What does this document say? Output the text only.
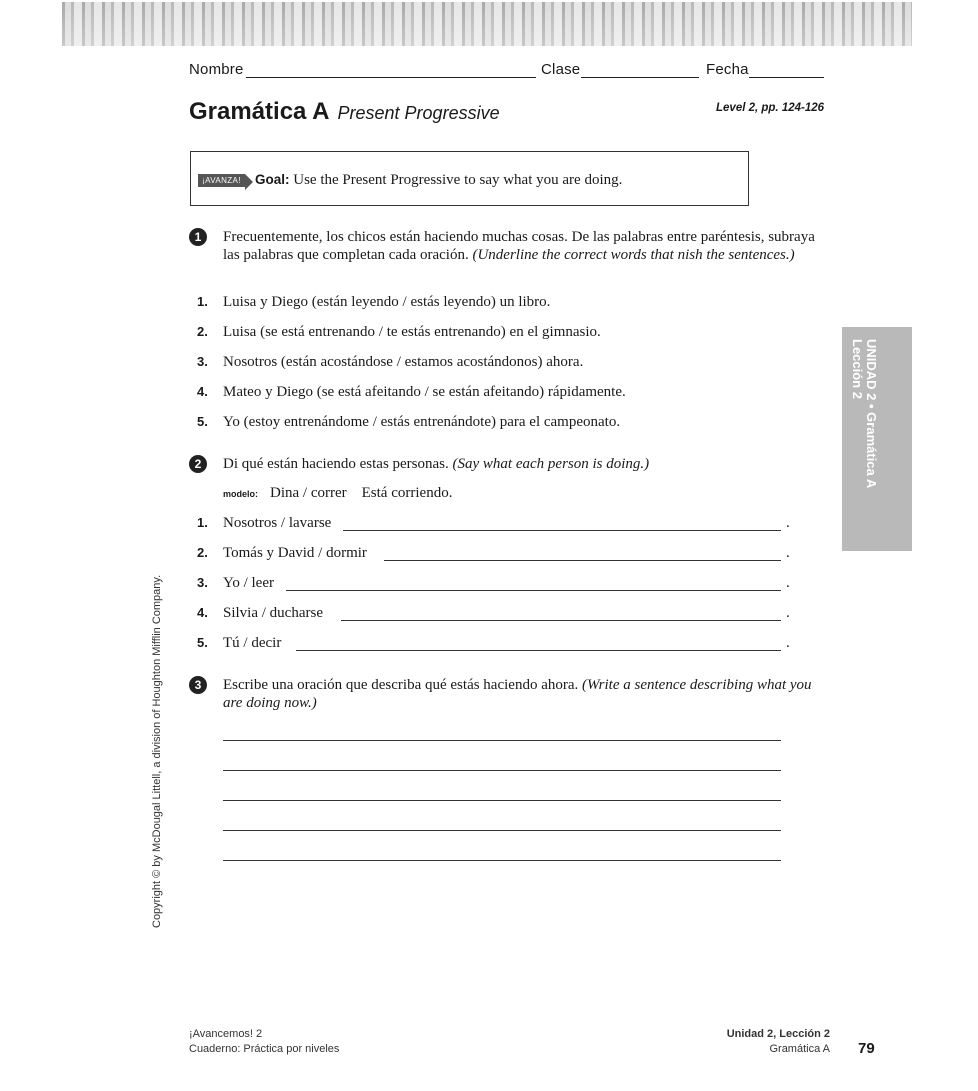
Nombre	Clase	Fecha
Gramática A Present Progressive	Level 2, pp. 124-126
¡AVANZA! Goal: Use the Present Progressive to say what you are doing.
1	Frecuentemente, los chicos están haciendo muchas cosas. De las palabras entre paréntesis, subraya las palabras que completan cada oración. (Underline the correct words that nish the sentences.)
1. Luisa y Diego (están leyendo / estás leyendo) un libro.
2. Luisa (se está entrenando / te estás entrenando) en el gimnasio.
3. Nosotros (están acostándose / estamos acostándonos) ahora.
4. Mateo y Diego (se está afeitando / se están afeitando) rápidamente.
5. Yo (estoy entrenándome / estás entrenándote) para el campeonato.
2	Di qué están haciendo estas personas. (Say what each person is doing.)
modelo: Dina / correr Está corriendo.
1. Nosotros / lavarse	.
2. Tomás y David / dormir	.
3. Yo / leer	.
4. Silvia / ducharse	.
5. Tú / decir	.
3	Escribe una oración que describa qué estás haciendo ahora. (Write a sentence describing what you are doing now.)
UNIDAD 2 • Gramática A
Lección 2
Copyright © by McDougal Littell, a division of Houghton Mifflin Company.
¡Avancemos! 2
Cuaderno: Práctica por niveles
Unidad 2, Lección 2
Gramática A 79
